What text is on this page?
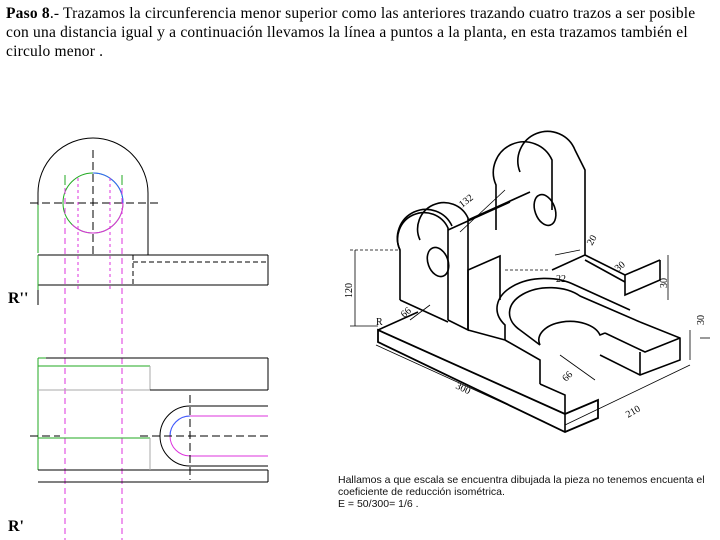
Paso 8.- Trazamos la circunferencia menor superior como las anteriores trazando cuatro trazos a ser posible con una distancia igual y a continuación llevamos la línea a puntos a la planta, en esta trazamos también el circulo menor .
132
20
30
30
120
66
22
30
R
66
300
210
R''
R'
Hallamos a que escala se encuentra dibujada la pieza no tenemos encuenta el
coeficiente de reducción isométrica.
E = 50/300= 1/6 .
